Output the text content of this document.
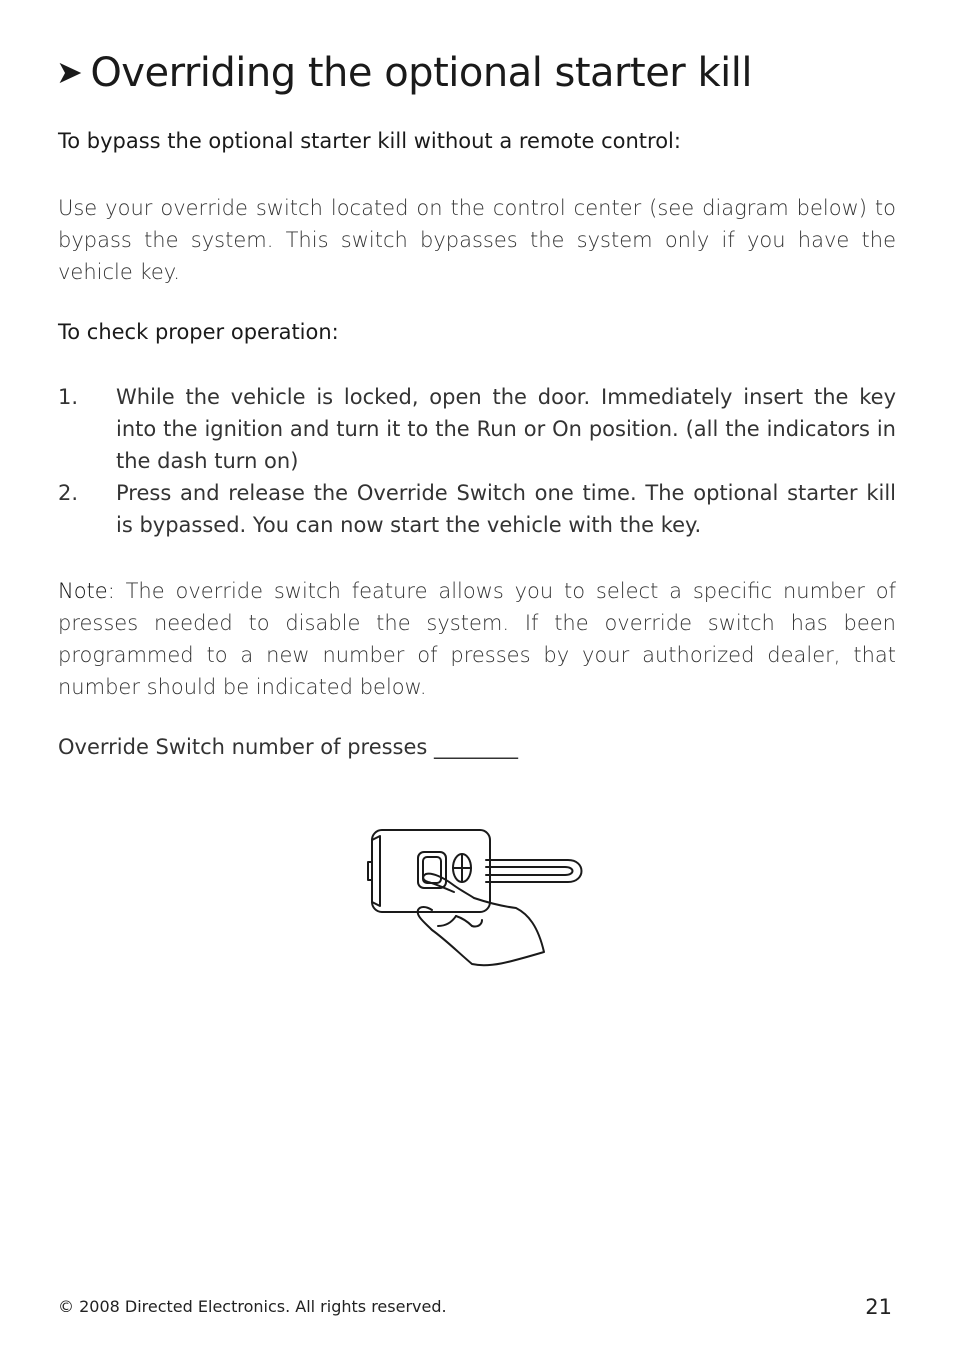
➤ Overriding the optional starter kill

To bypass the optional starter kill without a remote control:

Use your override switch located on the control center (see diagram below) to bypass the system. This switch bypasses the system only if you have the vehicle key.

To check proper operation:

1. While the vehicle is locked, open the door. Immediately insert the key into the ignition and turn it to the Run or On position. (all the indicators in the dash turn on)
2. Press and release the Override Switch one time. The optional starter kill is bypassed. You can now start the vehicle with the key.

Note: The override switch feature allows you to select a specific number of presses needed to disable the system. If the override switch has been programmed to a new number of presses by your authorized dealer, that number should be indicated below.

Override Switch number of presses ________
© 2008 Directed Electronics. All rights reserved.	21
